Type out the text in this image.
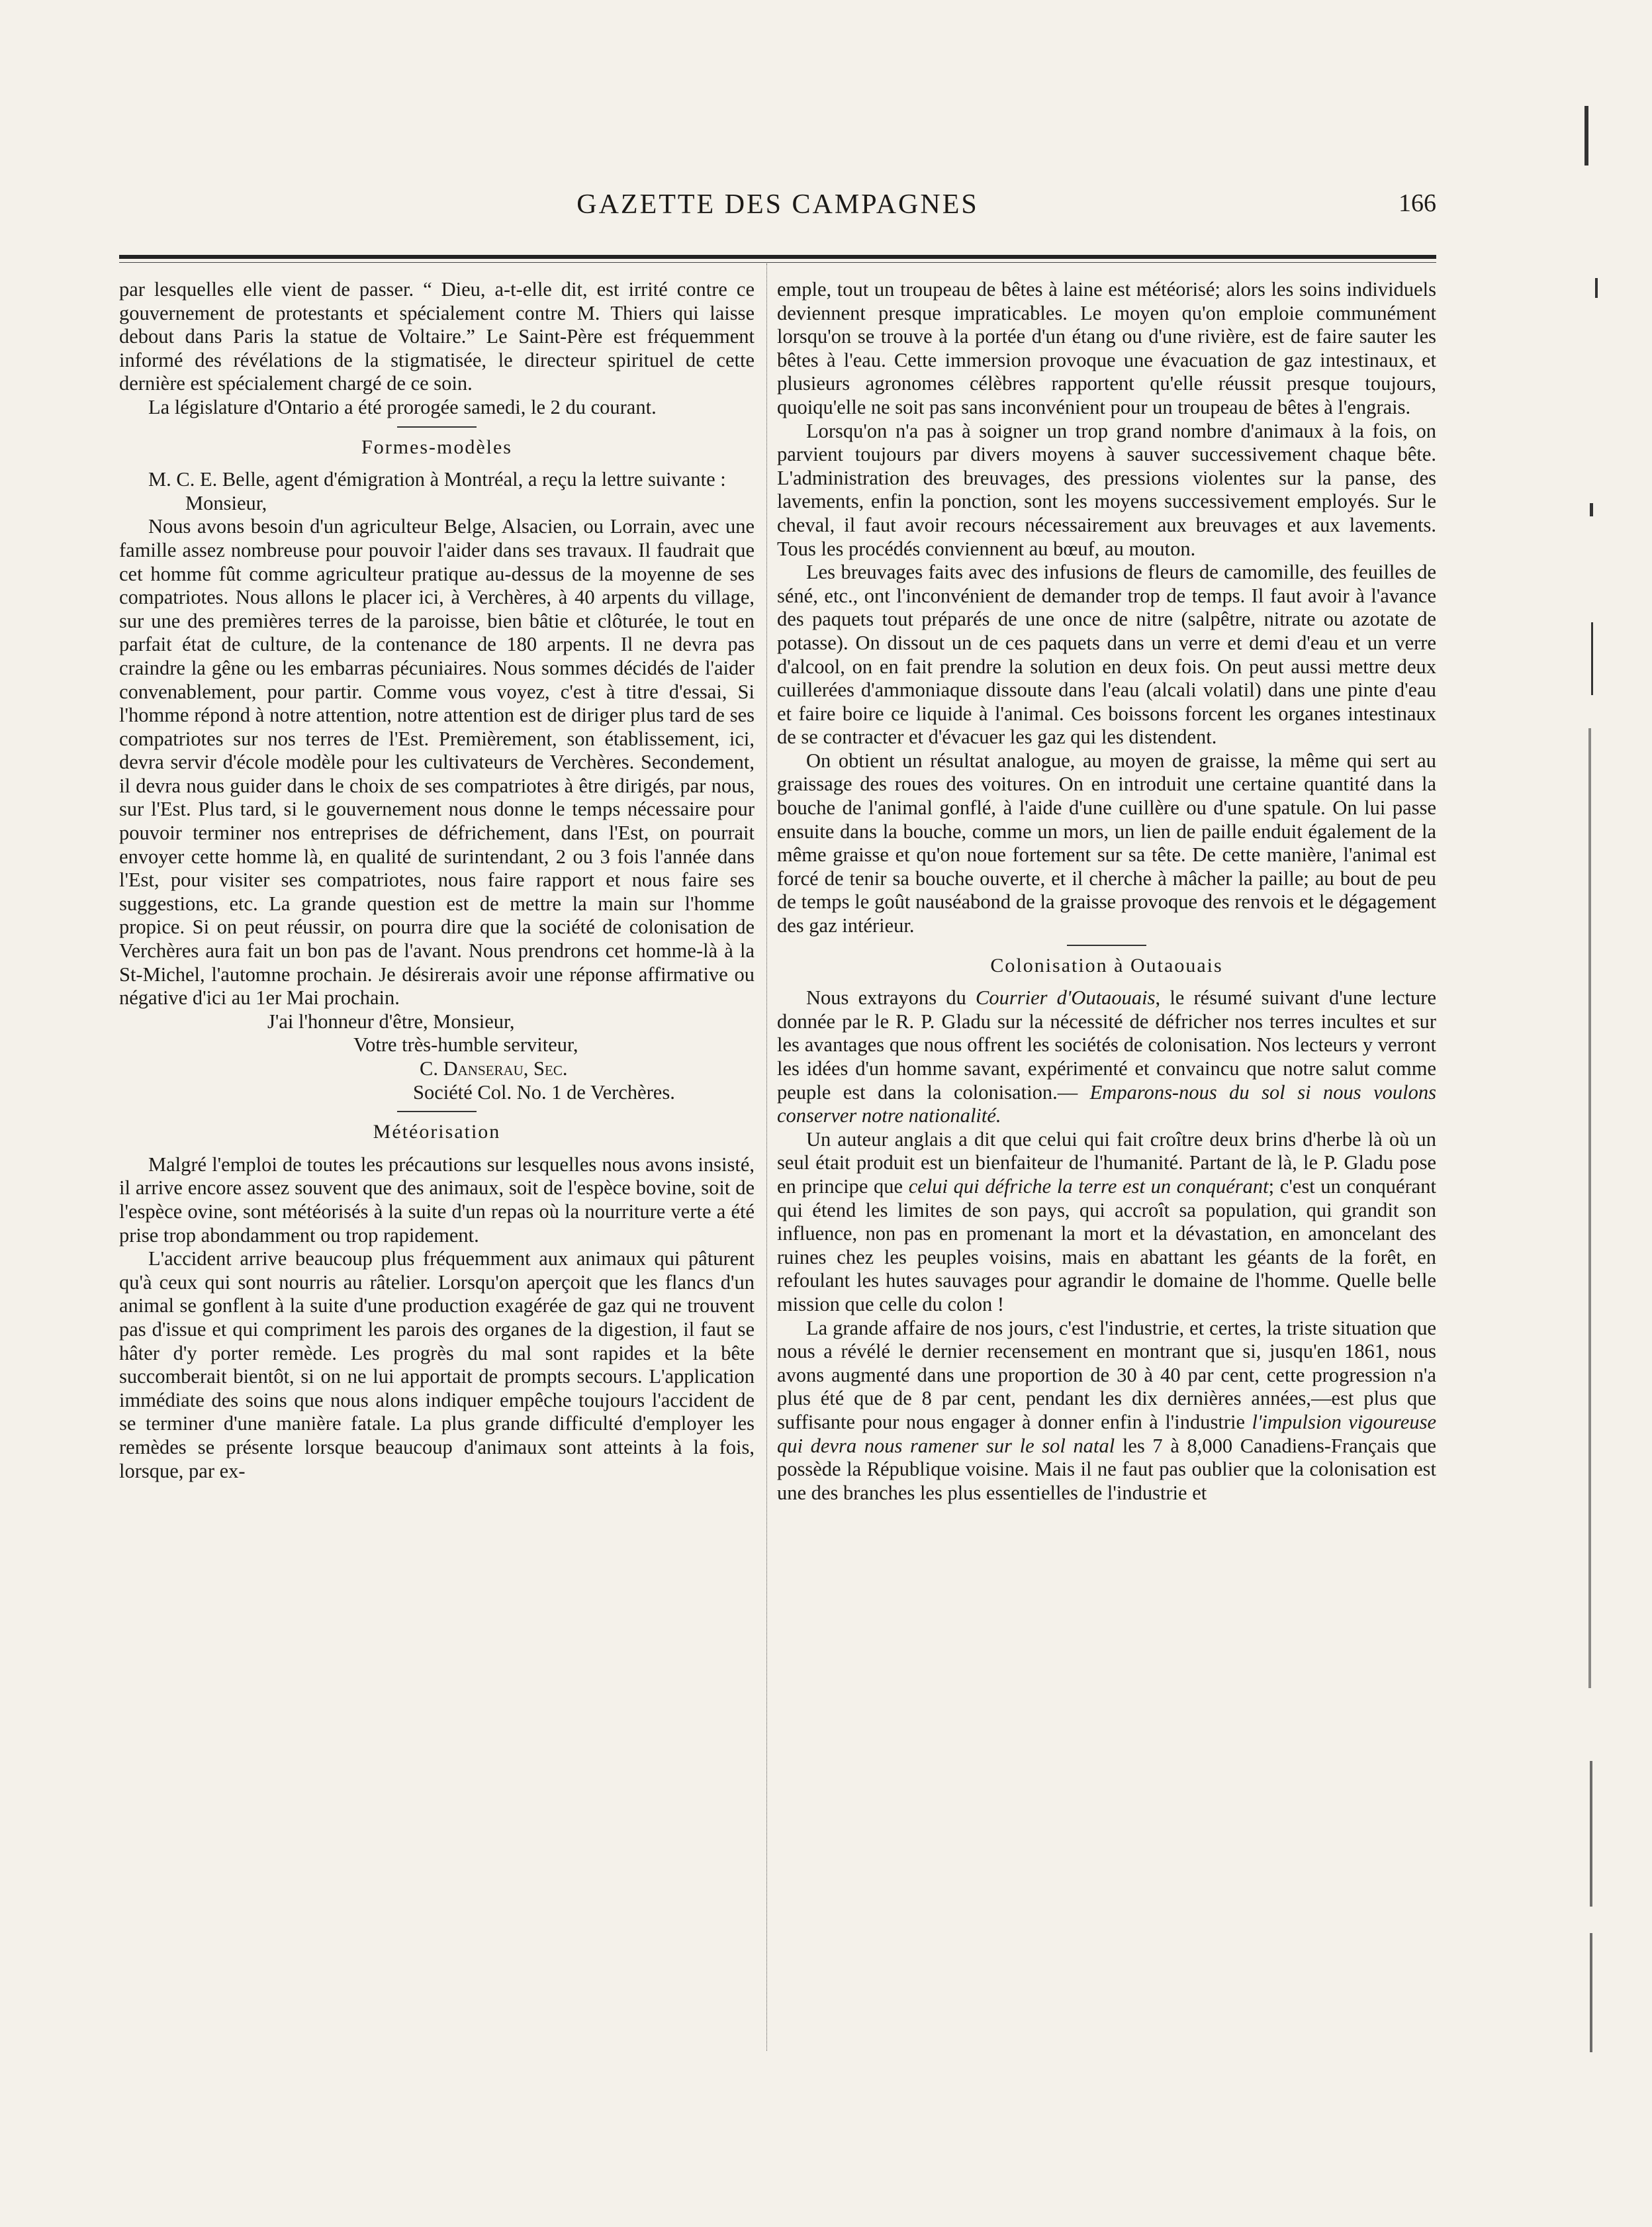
GAZETTE DES CAMPAGNES	166

par lesquelles elle vient de passer. “ Dieu, a-t-elle dit, est irrité contre ce gouvernement de protestants et spécialement contre M. Thiers qui laisse debout dans Paris la statue de Voltaire.” Le Saint-Père est fréquemment informé des révélations de la stigmatisée, le directeur spirituel de cette dernière est spécialement chargé de ce soin.

La législature d'Ontario a été prorogée samedi, le 2 du courant.

Formes-modèles

M. C. E. Belle, agent d'émigration à Montréal, a reçu la lettre suivante :

Monsieur,

Nous avons besoin d'un agriculteur Belge, Alsacien, ou Lorrain, avec une famille assez nombreuse pour pouvoir l'aider dans ses travaux. Il faudrait que cet homme fût comme agriculteur pratique au-dessus de la moyenne de ses compatriotes. Nous allons le placer ici, à Verchères, à 40 arpents du village, sur une des premières terres de la paroisse, bien bâtie et clôturée, le tout en parfait état de culture, de la contenance de 180 arpents. Il ne devra pas craindre la gêne ou les embarras pécuniaires. Nous sommes décidés de l'aider convenablement, pour partir. Comme vous voyez, c'est à titre d'essai, Si l'homme répond à notre attention, notre attention est de diriger plus tard de ses compatriotes sur nos terres de l'Est. Premièrement, son établissement, ici, devra servir d'école modèle pour les cultivateurs de Verchères. Secondement, il devra nous guider dans le choix de ses compatriotes à être dirigés, par nous, sur l'Est. Plus tard, si le gouvernement nous donne le temps nécessaire pour pouvoir terminer nos entreprises de défrichement, dans l'Est, on pourrait envoyer cette homme là, en qualité de surintendant, 2 ou 3 fois l'année dans l'Est, pour visiter ses compatriotes, nous faire rapport et nous faire ses suggestions, etc. La grande question est de mettre la main sur l'homme propice. Si on peut réussir, on pourra dire que la société de colonisation de Verchères aura fait un bon pas de l'avant. Nous prendrons cet homme-là à la St-Michel, l'automne prochain. Je désirerais avoir une réponse affirmative ou négative d'ici au 1er Mai prochain.

J'ai l'honneur d'être, Monsieur,

Votre très-humble serviteur,

C. Danserau, Sec.

Société Col. No. 1 de Verchères.

Météorisation

Malgré l'emploi de toutes les précautions sur lesquelles nous avons insisté, il arrive encore assez souvent que des animaux, soit de l'espèce bovine, soit de l'espèce ovine, sont météorisés à la suite d'un repas où la nourriture verte a été prise trop abondamment ou trop rapidement.

L'accident arrive beaucoup plus fréquemment aux animaux qui pâturent qu'à ceux qui sont nourris au râtelier. Lorsqu'on aperçoit que les flancs d'un animal se gonflent à la suite d'une production exagérée de gaz qui ne trouvent pas d'issue et qui compriment les parois des organes de la digestion, il faut se hâter d'y porter remède. Les progrès du mal sont rapides et la bête succomberait bientôt, si on ne lui apportait de prompts secours. L'application immédiate des soins que nous alons indiquer empêche toujours l'accident de se terminer d'une manière fatale. La plus grande difficulté d'employer les remèdes se présente lorsque beaucoup d'animaux sont atteints à la fois, lorsque, par ex-

emple, tout un troupeau de bêtes à laine est météorisé; alors les soins individuels deviennent presque impraticables. Le moyen qu'on emploie communément lorsqu'on se trouve à la portée d'un étang ou d'une rivière, est de faire sauter les bêtes à l'eau. Cette immersion provoque une évacuation de gaz intestinaux, et plusieurs agronomes célèbres rapportent qu'elle réussit presque toujours, quoiqu'elle ne soit pas sans inconvénient pour un troupeau de bêtes à l'engrais.

Lorsqu'on n'a pas à soigner un trop grand nombre d'animaux à la fois, on parvient toujours par divers moyens à sauver successivement chaque bête. L'administration des breuvages, des pressions violentes sur la panse, des lavements, enfin la ponction, sont les moyens successivement employés. Sur le cheval, il faut avoir recours nécessairement aux breuvages et aux lavements. Tous les procédés conviennent au bœuf, au mouton.

Les breuvages faits avec des infusions de fleurs de camomille, des feuilles de séné, etc., ont l'inconvénient de demander trop de temps. Il faut avoir à l'avance des paquets tout préparés de une once de nitre (salpêtre, nitrate ou azotate de potasse). On dissout un de ces paquets dans un verre et demi d'eau et un verre d'alcool, on en fait prendre la solution en deux fois. On peut aussi mettre deux cuillerées d'ammoniaque dissoute dans l'eau (alcali volatil) dans une pinte d'eau et faire boire ce liquide à l'animal. Ces boissons forcent les organes intestinaux de se contracter et d'évacuer les gaz qui les distendent.

On obtient un résultat analogue, au moyen de graisse, la même qui sert au graissage des roues des voitures. On en introduit une certaine quantité dans la bouche de l'animal gonflé, à l'aide d'une cuillère ou d'une spatule. On lui passe ensuite dans la bouche, comme un mors, un lien de paille enduit également de la même graisse et qu'on noue fortement sur sa tête. De cette manière, l'animal est forcé de tenir sa bouche ouverte, et il cherche à mâcher la paille; au bout de peu de temps le goût nauséabond de la graisse provoque des renvois et le dégagement des gaz intérieur.

Colonisation à Outaouais

Nous extrayons du Courrier d'Outaouais, le résumé suivant d'une lecture donnée par le R. P. Gladu sur la nécessité de défricher nos terres incultes et sur les avantages que nous offrent les sociétés de colonisation. Nos lecteurs y verront les idées d'un homme savant, expérimenté et convaincu que notre salut comme peuple est dans la colonisation.— Emparons-nous du sol si nous voulons conserver notre nationalité.

Un auteur anglais a dit que celui qui fait croître deux brins d'herbe là où un seul était produit est un bienfaiteur de l'humanité. Partant de là, le P. Gladu pose en principe que celui qui défriche la terre est un conquérant; c'est un conquérant qui étend les limites de son pays, qui accroît sa population, qui grandit son influence, non pas en promenant la mort et la dévastation, en amoncelant des ruines chez les peuples voisins, mais en abattant les géants de la forêt, en refoulant les hutes sauvages pour agrandir le domaine de l'homme. Quelle belle mission que celle du colon !

La grande affaire de nos jours, c'est l'industrie, et certes, la triste situation que nous a révélé le dernier recensement en montrant que si, jusqu'en 1861, nous avons augmenté dans une proportion de 30 à 40 par cent, cette progression n'a plus été que de 8 par cent, pendant les dix dernières années,—est plus que suffisante pour nous engager à donner enfin à l'industrie l'impulsion vigoureuse qui devra nous ramener sur le sol natal les 7 à 8,000 Canadiens-Français que possède la République voisine. Mais il ne faut pas oublier que la colonisation est une des branches les plus essentielles de l'industrie et
